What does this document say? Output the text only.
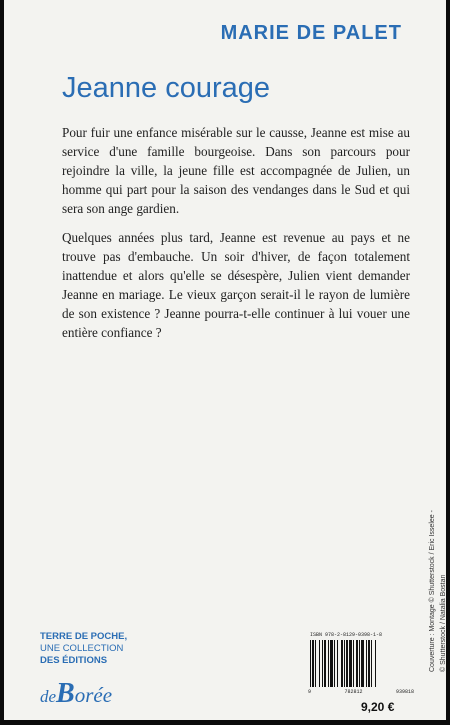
MARIE DE PALET
Jeanne courage

Pour fuir une enfance misérable sur le causse, Jeanne est mise au service d'une famille bourgeoise. Dans son parcours pour rejoindre la ville, la jeune fille est accompagnée de Julien, un homme qui part pour la saison des vendanges dans le Sud et qui sera son ange gardien.

Quelques années plus tard, Jeanne est revenue au pays et ne trouve pas d'embauche. Un soir d'hiver, de façon totalement inattendue et alors qu'elle se désespère, Julien vient demander Jeanne en mariage. Le vieux garçon serait-il le rayon de lumière de son existence ? Jeanne pourra-t-elle continuer à lui vouer une entière confiance ?

TERRE DE POCHE,
UNE COLLECTION
DES ÉDITIONS
deBorée
ISBN 978-2-8129-0398-1-8
9	782812	939818
9,20 €
Couverture : Montage © Shutterstock / Eric Isselee - © Shutterstock / Natalia Bostan
